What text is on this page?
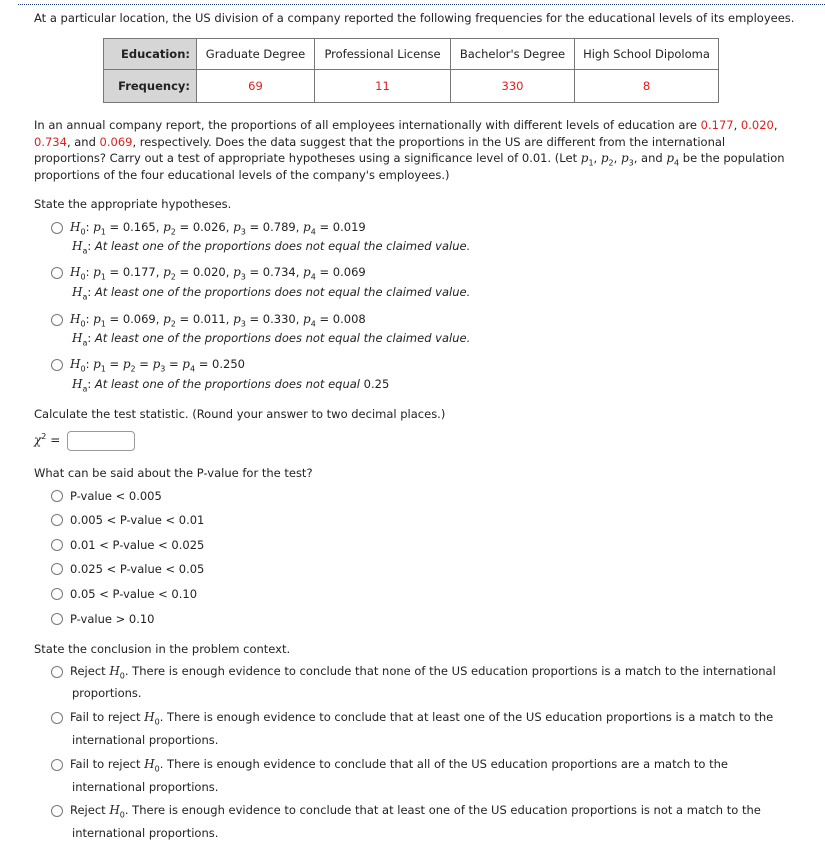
At a particular location, the US division of a company reported the following frequencies for the educational levels of its employees.
Education:	Graduate Degree	Professional License	Bachelor's Degree	High School Dipoloma
Frequency:	69	11	330	8
In an annual company report, the proportions of all employees internationally with different levels of education are 0.177, 0.020,
0.734, and 0.069, respectively. Does the data suggest that the proportions in the US are different from the international
proportions? Carry out a test of appropriate hypotheses using a significance level of 0.01. (Let $p_1$, $p_2$, $p_3$, and $p_4$ be the population
proportions of the four educational levels of the company's employees.)
State the appropriate hypotheses.
$H_0$: $p_1 = 0.165$, $p_2 = 0.026$, $p_3 = 0.789$, $p_4 = 0.019$
$H_a$: At least one of the proportions does not equal the claimed value.
$H_0$: $p_1 = 0.177$, $p_2 = 0.020$, $p_3 = 0.734$, $p_4 = 0.069$
$H_a$: At least one of the proportions does not equal the claimed value.
$H_0$: $p_1 = 0.069$, $p_2 = 0.011$, $p_3 = 0.330$, $p_4 = 0.008$
$H_a$: At least one of the proportions does not equal the claimed value.
$H_0$: $p_1 = p_2 = p_3 = p_4 = 0.250$
$H_a$: At least one of the proportions does not equal 0.25
Calculate the test statistic. (Round your answer to two decimal places.)
$\chi^2$ =
What can be said about the P-value for the test?
P-value < 0.005
0.005 < P-value < 0.01
0.01 < P-value < 0.025
0.025 < P-value < 0.05
0.05 < P-value < 0.10
P-value > 0.10
State the conclusion in the problem context.
Reject $H_0$. There is enough evidence to conclude that none of the US education proportions is a match to the international
proportions.
Fail to reject $H_0$. There is enough evidence to conclude that at least one of the US education proportions is a match to the
international proportions.
Fail to reject $H_0$. There is enough evidence to conclude that all of the US education proportions are a match to the
international proportions.
Reject $H_0$. There is enough evidence to conclude that at least one of the US education proportions is not a match to the
international proportions.
